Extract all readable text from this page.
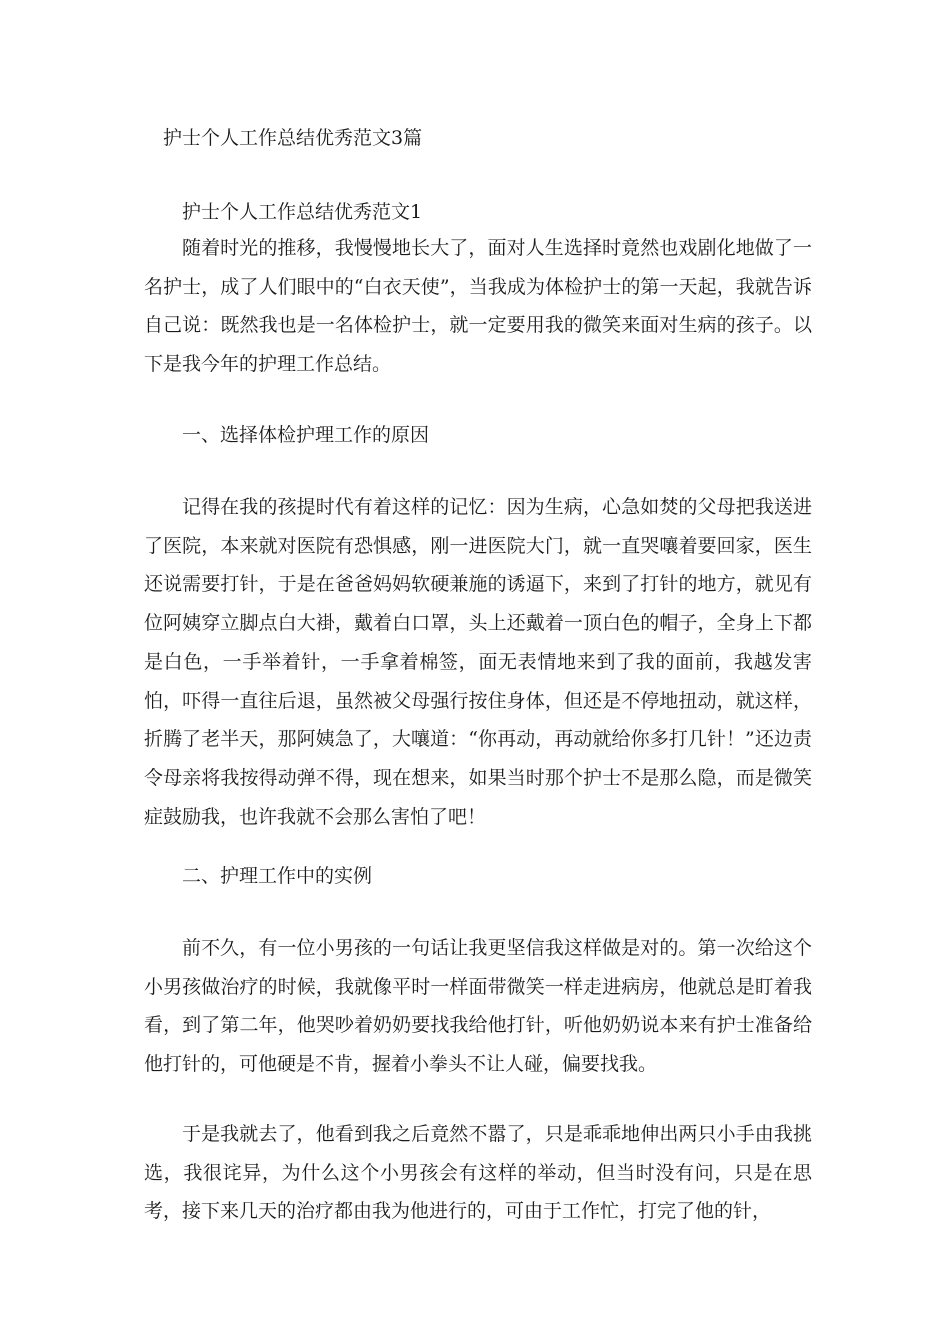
护士个人工作总结优秀范文3篇
护士个人工作总结优秀范文1

随着时光的推移，我慢慢地长大了，面对人生选择时竟然也戏剧化地做了一名护士，成了人们眼中的“白衣天使”，当我成为体检护士的第一天起，我就告诉自己说：既然我也是一名体检护士，就一定要用我的微笑来面对生病的孩子。以下是我今年的护理工作总结。

一、选择体检护理工作的原因

记得在我的孩提时代有着这样的记忆：因为生病，心急如焚的父母把我送进了医院，本来就对医院有恐惧感，刚一进医院大门，就一直哭嚷着要回家，医生还说需要打针，于是在爸爸妈妈软硬兼施的诱逼下，来到了打针的地方，就见有位阿姨穿立脚点白大褂，戴着白口罩，头上还戴着一顶白色的帽子，全身上下都是白色，一手举着针，一手拿着棉签，面无表情地来到了我的面前，我越发害怕，吓得一直往后退，虽然被父母强行按住身体，但还是不停地扭动，就这样，折腾了老半天，那阿姨急了，大嚷道：“你再动，再动就给你多打几针！”还边责令母亲将我按得动弹不得，现在想来，如果当时那个护士不是那么隐，而是微笑症鼓励我，也许我就不会那么害怕了吧！

二、护理工作中的实例

前不久，有一位小男孩的一句话让我更坚信我这样做是对的。第一次给这个小男孩做治疗的时候，我就像平时一样面带微笑一样走进病房，他就总是盯着我看，到了第二年，他哭吵着奶奶要找我给他打针，听他奶奶说本来有护士准备给他打针的，可他硬是不肯，握着小拳头不让人碰，偏要找我。

于是我就去了，他看到我之后竟然不嚣了，只是乖乖地伸出两只小手由我挑选，我很诧异，为什么这个小男孩会有这样的举动，但当时没有问，只是在思考，接下来几天的治疗都由我为他进行的，可由于工作忙，打完了他的针，
